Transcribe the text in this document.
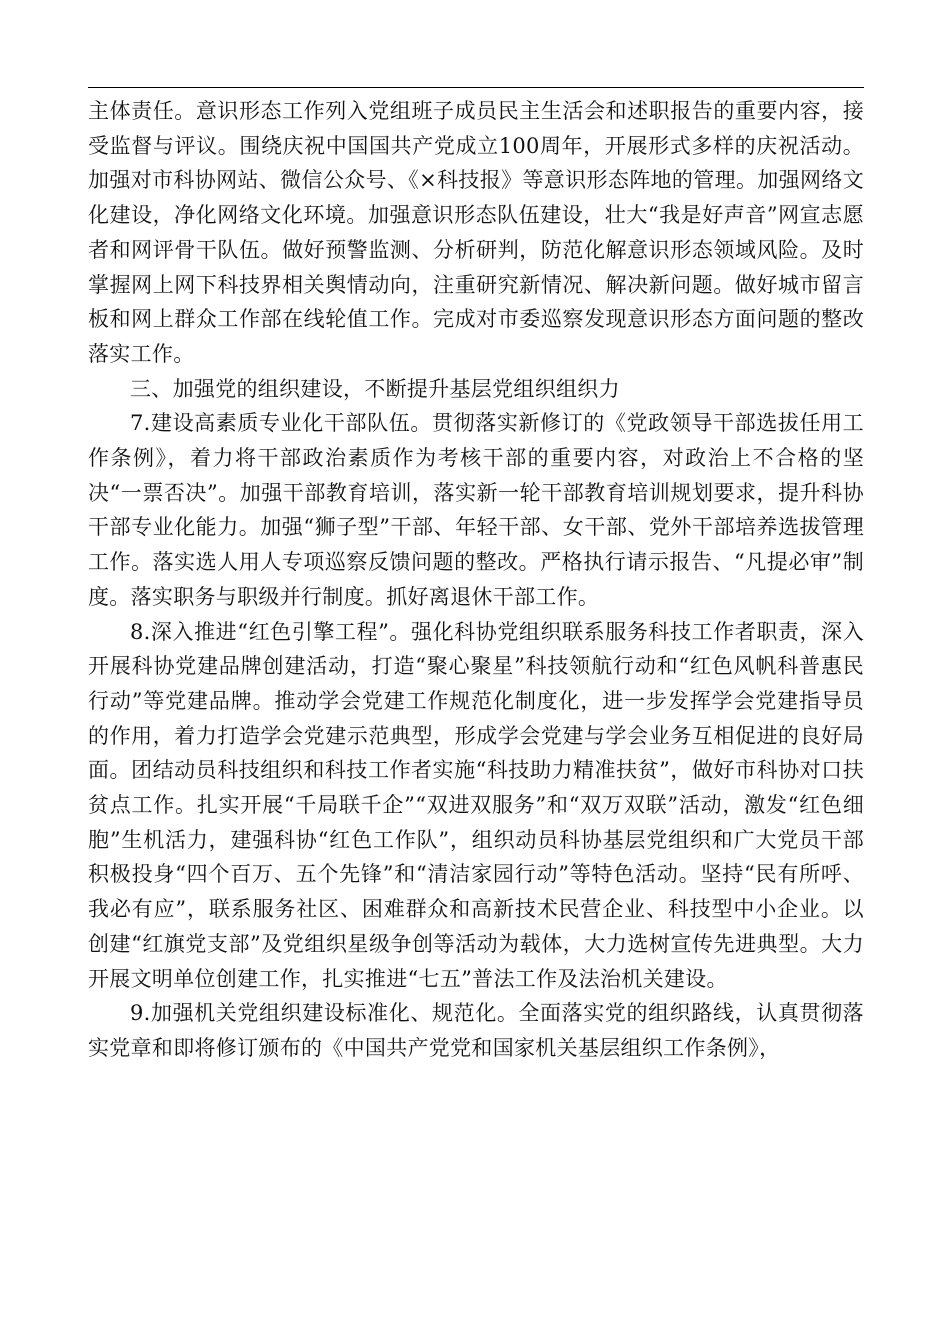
主体责任。意识形态工作列入党组班子成员民主生活会和述职报告的重要内容，接受监督与评议。围绕庆祝中国国共产党成立100周年，开展形式多样的庆祝活动。加强对市科协网站、微信公众号、《×科技报》等意识形态阵地的管理。加强网络文化建设，净化网络文化环境。加强意识形态队伍建设，壮大“我是好声音”网宣志愿者和网评骨干队伍。做好预警监测、分析研判，防范化解意识形态领域风险。及时掌握网上网下科技界相关舆情动向，注重研究新情况、解决新问题。做好城市留言板和网上群众工作部在线轮值工作。完成对市委巡察发现意识形态方面问题的整改落实工作。

三、加强党的组织建设，不断提升基层党组织组织力

7.建设高素质专业化干部队伍。贯彻落实新修订的《党政领导干部选拔任用工作条例》，着力将干部政治素质作为考核干部的重要内容，对政治上不合格的坚决“一票否决”。加强干部教育培训，落实新一轮干部教育培训规划要求，提升科协干部专业化能力。加强“狮子型”干部、年轻干部、女干部、党外干部培养选拔管理工作。落实选人用人专项巡察反馈问题的整改。严格执行请示报告、“凡提必审”制度。落实职务与职级并行制度。抓好离退休干部工作。

8.深入推进“红色引擎工程”。强化科协党组织联系服务科技工作者职责，深入开展科协党建品牌创建活动，打造“聚心聚星”科技领航行动和“红色风帆科普惠民行动”等党建品牌。推动学会党建工作规范化制度化，进一步发挥学会党建指导员的作用，着力打造学会党建示范典型，形成学会党建与学会业务互相促进的良好局面。团结动员科技组织和科技工作者实施“科技助力精准扶贫”，做好市科协对口扶贫点工作。扎实开展“千局联千企”“双进双服务”和“双万双联”活动，激发“红色细胞”生机活力，建强科协“红色工作队”，组织动员科协基层党组织和广大党员干部积极投身“四个百万、五个先锋”和“清洁家园行动”等特色活动。坚持“民有所呼、我必有应”，联系服务社区、困难群众和高新技术民营企业、科技型中小企业。以创建“红旗党支部”及党组织星级争创等活动为载体，大力选树宣传先进典型。大力开展文明单位创建工作，扎实推进“七五”普法工作及法治机关建设。

9.加强机关党组织建设标准化、规范化。全面落实党的组织路线，认真贯彻落实党章和即将修订颁布的《中国共产党党和国家机关基层组织工作条例》，
